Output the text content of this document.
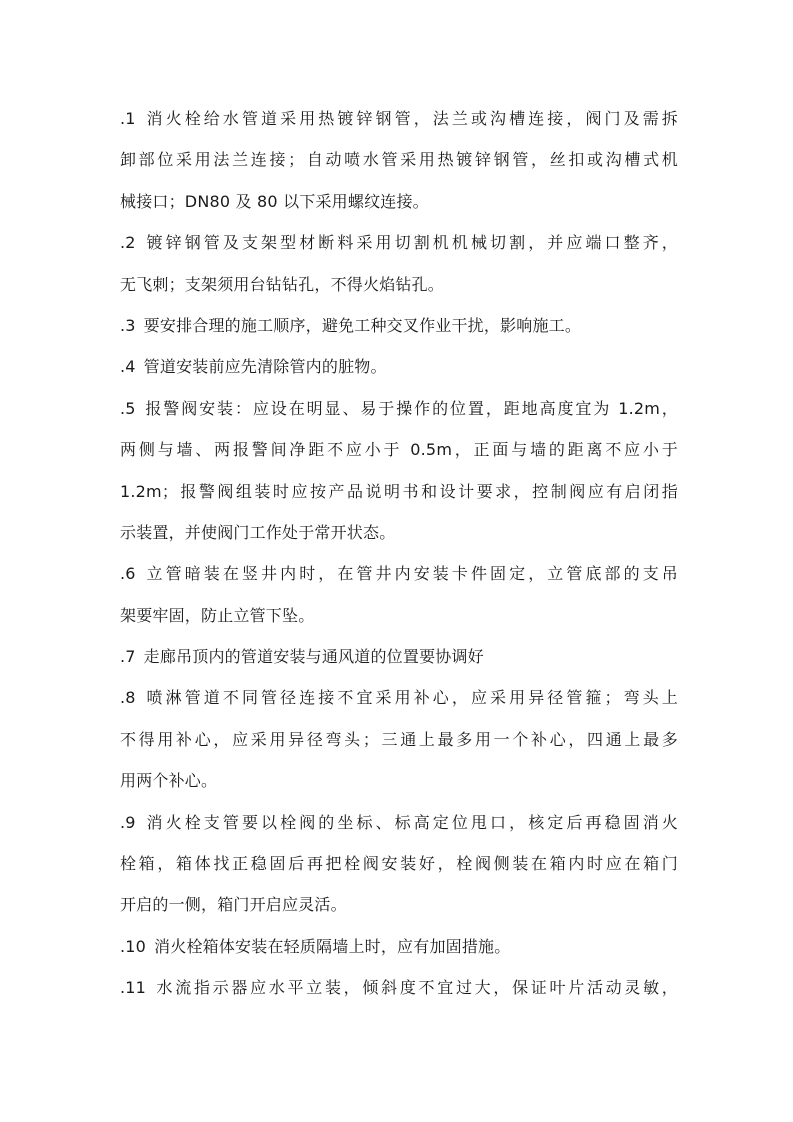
.1 消火栓给水管道采用热镀锌钢管，法兰或沟槽连接，阀门及需拆
卸部位采用法兰连接；自动喷水管采用热镀锌钢管，丝扣或沟槽式机
械接口；DN80 及 80 以下采用螺纹连接。
.2 镀锌钢管及支架型材断料采用切割机机械切割，并应端口整齐，
无飞刺；支架须用台钻钻孔，不得火焰钻孔。
.3 要安排合理的施工顺序，避免工种交叉作业干扰，影响施工。
.4 管道安装前应先清除管内的脏物。
.5 报警阀安装：应设在明显、易于操作的位置，距地高度宜为 1.2m，
两侧与墙、两报警间净距不应小于 0.5m，正面与墙的距离不应小于
1.2m；报警阀组装时应按产品说明书和设计要求，控制阀应有启闭指
示装置，并使阀门工作处于常开状态。
.6 立管暗装在竖井内时，在管井内安装卡件固定，立管底部的支吊
架要牢固，防止立管下坠。
.7 走廊吊顶内的管道安装与通风道的位置要协调好
.8 喷淋管道不同管径连接不宜采用补心，应采用异径管箍；弯头上
不得用补心，应采用异径弯头；三通上最多用一个补心，四通上最多
用两个补心。
.9 消火栓支管要以栓阀的坐标、标高定位甩口，核定后再稳固消火
栓箱，箱体找正稳固后再把栓阀安装好，栓阀侧装在箱内时应在箱门
开启的一侧，箱门开启应灵活。
.10 消火栓箱体安装在轻质隔墙上时，应有加固措施。
.11 水流指示器应水平立装，倾斜度不宜过大，保证叶片活动灵敏，
